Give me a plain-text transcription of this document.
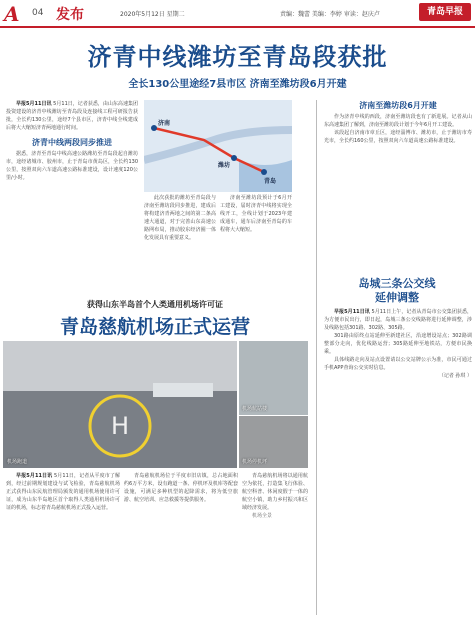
A 04 发布	2020年5月12日 星期二	责编：魏蕾 美编：李婷 审读：赵庆卢	青岛早报
济青中线潍坊至青岛段获批
全长130公里途经7县市区 济南至潍坊段6月开建

早报5月11日讯 5月11日，记者获悉，由山东高速集团投资建设的济青中线潍坊至青岛段及连接线工程可研报告获批，全长约130公里，途经7个县市区，济青中线全线建成后将大大缩短济青两地通行时间。

济青中线两段同步推进

据悉，济青至青岛中线高速公路潍坊至青岛段起自潍坊市，途经诸城市、胶州市，止于青岛市黄岛区，全长约130公里，按照双向六车道高速公路标准建设，设计速度120公里/小时。

济南
潍坊
青岛

此次获批的潍坊至青岛段与济南至潍坊段同步推进，建成后将构建济青两地之间的第二条高速大通道，对于完善山东高速公路网布局，推动胶东经济圈一体化发展具有重要意义。

济南至潍坊段预计于6月开工建设，届时济青中线将实现全线开工，全线计划于2023年建成通车，通车后济南至青岛的车程将大大缩短。

济南至潍坊段6月开建

作为济青中线的西段，济南至潍坊段也有了新进展。记者从山东高速集团了解到，济南至潍坊段计划于今年6月开工建设。

该段起自济南市章丘区，途经淄博市、潍坊市，止于潍坊市寿光市，全长约160公里，按照双向六车道高速公路标准建设。

岛城三条公交线
延伸调整

早报5月11日讯 5月11日上午，记者从青岛市公交集团获悉，为方便市民出行，即日起，岛城三条公交线路将进行延伸调整，涉及线路包括301路、302路、305路。

301路由原终点站延伸至新建社区，沿途增设站点；302路调整部分走向，优化线路运营；305路延伸至地铁站，方便市民换乘。

具体线路走向及站点设置请以公交站牌公示为准，市民可通过手机APP查询公交实时信息。

（记者 孙琪 ）

获得山东半岛首个人类通用机场许可证
青岛慈航机场正式运营
H
机场跑道
机场航站楼
机场停机坪

早报5月11日讯 5月11日，记者从平度市了解到，经过前期规划建设与试飞检验，青岛慈航机场正式获得山东民航管理局颁发的通用机场使用许可证，成为山东半岛地区首个取得人类通用机场许可证的机场，标志着青岛慈航机场正式投入运营。

青岛慈航机场位于平度市旧店镇，总占地面积约6万平方米，设有跑道一条、停机坪及机库等配套设施，可满足多种机型的起降需求，将为低空旅游、航空培训、应急救援等提供服务。

青岛慈航机场将以通用航空为依托，打造集飞行体验、航空科普、休闲度假于一体的航空小镇，助力乡村振兴和区域经济发展。

机场全景
